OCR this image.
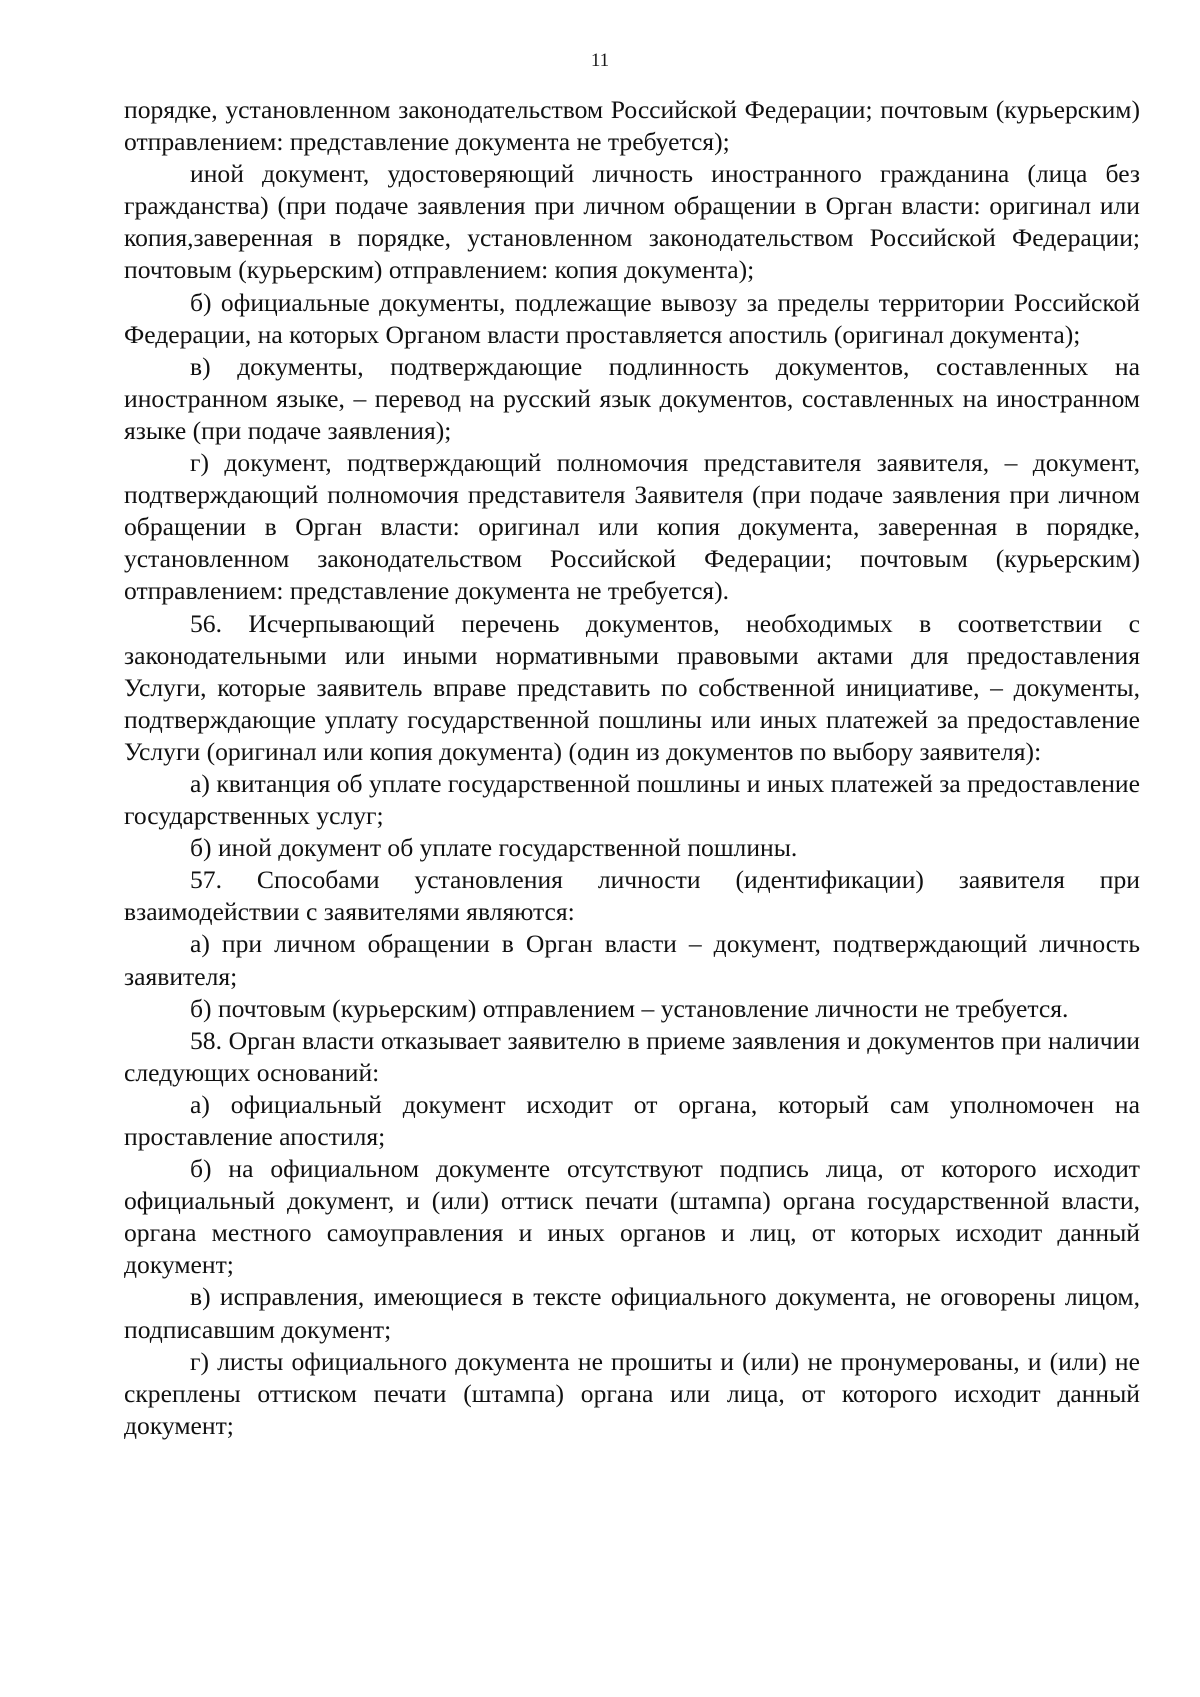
11

порядке, установленном законодательством Российской Федерации; почтовым (курьерским) отправлением: представление документа не требуется);

иной документ, удостоверяющий личность иностранного гражданина (лица без гражданства) (при подаче заявления при личном обращении в Орган власти: оригинал или копия,заверенная в порядке, установленном законодательством Российской Федерации; почтовым (курьерским) отправлением: копия документа);

б) официальные документы, подлежащие вывозу за пределы территории Российской Федерации, на которых Органом власти проставляется апостиль (оригинал документа);

в) документы, подтверждающие подлинность документов, составленных на иностранном языке, – перевод на русский язык документов, составленных на иностранном языке (при подаче заявления);

г) документ, подтверждающий полномочия представителя заявителя, – документ, подтверждающий полномочия представителя Заявителя (при подаче заявления при личном обращении в Орган власти: оригинал или копия документа, заверенная в порядке, установленном законодательством Российской Федерации; почтовым (курьерским) отправлением: представление документа не требуется).

56. Исчерпывающий перечень документов, необходимых в соответствии с законодательными или иными нормативными правовыми актами для предоставления Услуги, которые заявитель вправе представить по собственной инициативе, – документы, подтверждающие уплату государственной пошлины или иных платежей за предоставление Услуги (оригинал или копия документа) (один из документов по выбору заявителя):

а) квитанция об уплате государственной пошлины и иных платежей за предоставление государственных услуг;

б) иной документ об уплате государственной пошлины.

57. Способами установления личности (идентификации) заявителя при взаимодействии с заявителями являются:

а) при личном обращении в Орган власти – документ, подтверждающий личность заявителя;

б) почтовым (курьерским) отправлением – установление личности не требуется.

58. Орган власти отказывает заявителю в приеме заявления и документов при наличии следующих оснований:

а) официальный документ исходит от органа, который сам уполномочен на проставление апостиля;

б) на официальном документе отсутствуют подпись лица, от которого исходит официальный документ, и (или) оттиск печати (штампа) органа государственной власти, органа местного самоуправления и иных органов и лиц, от которых исходит данный документ;

в) исправления, имеющиеся в тексте официального документа, не оговорены лицом, подписавшим документ;

г) листы официального документа не прошиты и (или) не пронумерованы, и (или) не скреплены оттиском печати (штампа) органа или лица, от которого исходит данный документ;
